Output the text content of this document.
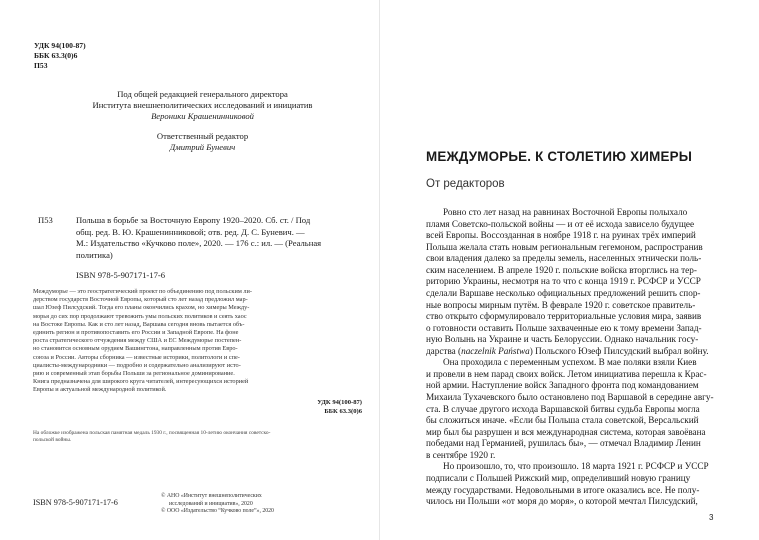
УДК 94(100-87)
ББК 63.3(0)6
П53
Под общей редакцией генерального директора
Института внешнеполитических исследований и инициатив
Вероники Крашенинниковой
Ответственный редактор
Дмитрий Буневич
П53	Польша в борьбе за Восточную Европу 1920–2020. Сб. ст. / Под
общ. ред. В. Ю. Крашенинниковой; отв. ред. Д. С. Буневич. —
М.: Издательство «Кучково поле», 2020. — 176 с.: ил. — (Реальная
политика)
ISBN 978-5-907171-17-6
Междуморье — это геостратегический проект по объединению под польским ли-
дерством государств Восточной Европы, который сто лет назад предложил мар-
шал Юзеф Пилсудский. Тогда его планы окончились крахом, но химеры Между-
морья до сих пор продолжают тревожить умы польских политиков и сеять хаос
на Востоке Европы. Как и сто лет назад, Варшава сегодня вновь пытается объ-
единить регион и противопоставить его России и Западной Европе. На фоне
роста стратегического отчуждения между США и ЕС Междуморье постепен-
но становится основным орудием Вашингтона, направленным против Евро-
союза и России. Авторы сборника — известные историки, политологи и спе-
циалисты-международники — подробно и содержательно анализируют исто-
рию и современный этап борьбы Польши за региональное доминирование.
Книга предназначена для широкого круга читателей, интересующихся историей
Европы и актуальной международной политикой.
УДК 94(100-87)
ББК 63.3(0)6
На обложке изображена польская памятная медаль 1930 г., посвященная 10-летию окончания советско-
польской войны.
ISBN 978-5-907171-17-6
© АНО «Институт внешнеполитических
исследований и инициатив», 2020
© ООО «Издательство “Кучково поле”», 2020
МЕЖДУМОРЬЕ. К СТОЛЕТИЮ ХИМЕРЫ
От редакторов

Ровно сто лет назад на равнинах Восточной Европы полыхало

пламя Советско-польской войны — и от её исхода зависело будущее
всей Европы. Воссозданная в ноябре 1918 г. на руинах трёх империй
Польша желала стать новым региональным гегемоном, распространив
свои владения далеко за пределы земель, населенных этнически поль-
ским населением. В апреле 1920 г. польские войска вторглись на тер-
риторию Украины, несмотря на то что с конца 1919 г. РСФСР и УССР
сделали Варшаве несколько официальных предложений решить спор-
ные вопросы мирным путём. В феврале 1920 г. советское правитель-
ство открыто сформулировало территориальные условия мира, заявив
о готовности оставить Польше захваченные ею к тому времени Запад-
ную Волынь на Украине и часть Белоруссии. Однако начальник госу-
дарства (naczelnik Państwa) Польского Юзеф Пилсудский выбрал войну.

Она проходила с переменным успехом. В мае поляки взяли Киев

и провели в нем парад своих войск. Летом инициатива перешла к Крас-
ной армии. Наступление войск Западного фронта под командованием
Михаила Тухачевского было остановлено под Варшавой в середине авгу-
ста. В случае другого исхода Варшавской битвы судьба Европы могла
бы сложиться иначе. «Если бы Польша стала советской, Версальский
мир был бы разрушен и вся международная система, которая завоёвана
победами над Германией, рушилась бы», — отмечал Владимир Ленин
в сентябре 1920 г.

Но произошло, то, что произошло. 18 марта 1921 г. РСФСР и УССР

подписали с Польшей Рижский мир, определивший новую границу
между государствами. Недовольными в итоге оказались все. Не полу-
чилось ни Польши «от моря до моря», о которой мечтал Пилсудский,
3
